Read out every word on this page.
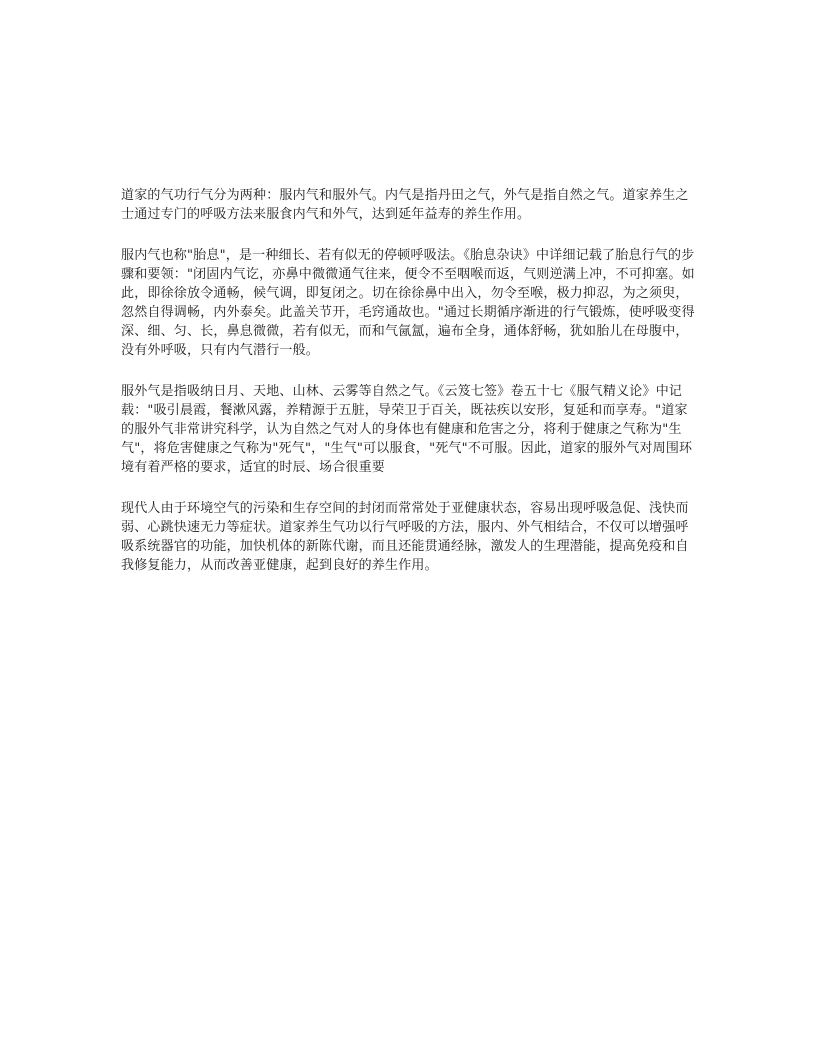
道家的气功行气分为两种：服内气和服外气。内气是指丹田之气，外气是指自然之气。道家养生之士通过专门的呼吸方法来服食内气和外气，达到延年益寿的养生作用。

服内气也称"胎息"，是一种细长、若有似无的停顿呼吸法。《胎息杂诀》中详细记载了胎息行气的步骤和要领："闭固内气讫，亦鼻中微微通气往来，便令不至咽喉而返，气则逆满上冲，不可抑塞。如此，即徐徐放令通畅，候气调，即复闭之。切在徐徐鼻中出入，勿令至喉，极力抑忍，为之须臾，忽然自得调畅，内外泰矣。此盖关节开，毛窍通故也。"通过长期循序渐进的行气锻炼，使呼吸变得深、细、匀、长，鼻息微微，若有似无，而和气氤氲，遍布全身，通体舒畅，犹如胎儿在母腹中，没有外呼吸，只有内气潜行一般。

服外气是指吸纳日月、天地、山林、云雾等自然之气。《云笈七签》卷五十七《服气精义论》中记载："吸引晨霞，餐漱风露，养精源于五脏，导荣卫于百关，既祛疾以安形，复延和而享寿。"道家的服外气非常讲究科学，认为自然之气对人的身体也有健康和危害之分，将利于健康之气称为"生气"，将危害健康之气称为"死气"，"生气"可以服食，"死气"不可服。因此，道家的服外气对周围环境有着严格的要求，适宜的时辰、场合很重要

现代人由于环境空气的污染和生存空间的封闭而常常处于亚健康状态，容易出现呼吸急促、浅快而弱、心跳快速无力等症状。道家养生气功以行气呼吸的方法，服内、外气相结合，不仅可以增强呼吸系统器官的功能，加快机体的新陈代谢，而且还能贯通经脉，激发人的生理潜能，提高免疫和自我修复能力，从而改善亚健康，起到良好的养生作用。
